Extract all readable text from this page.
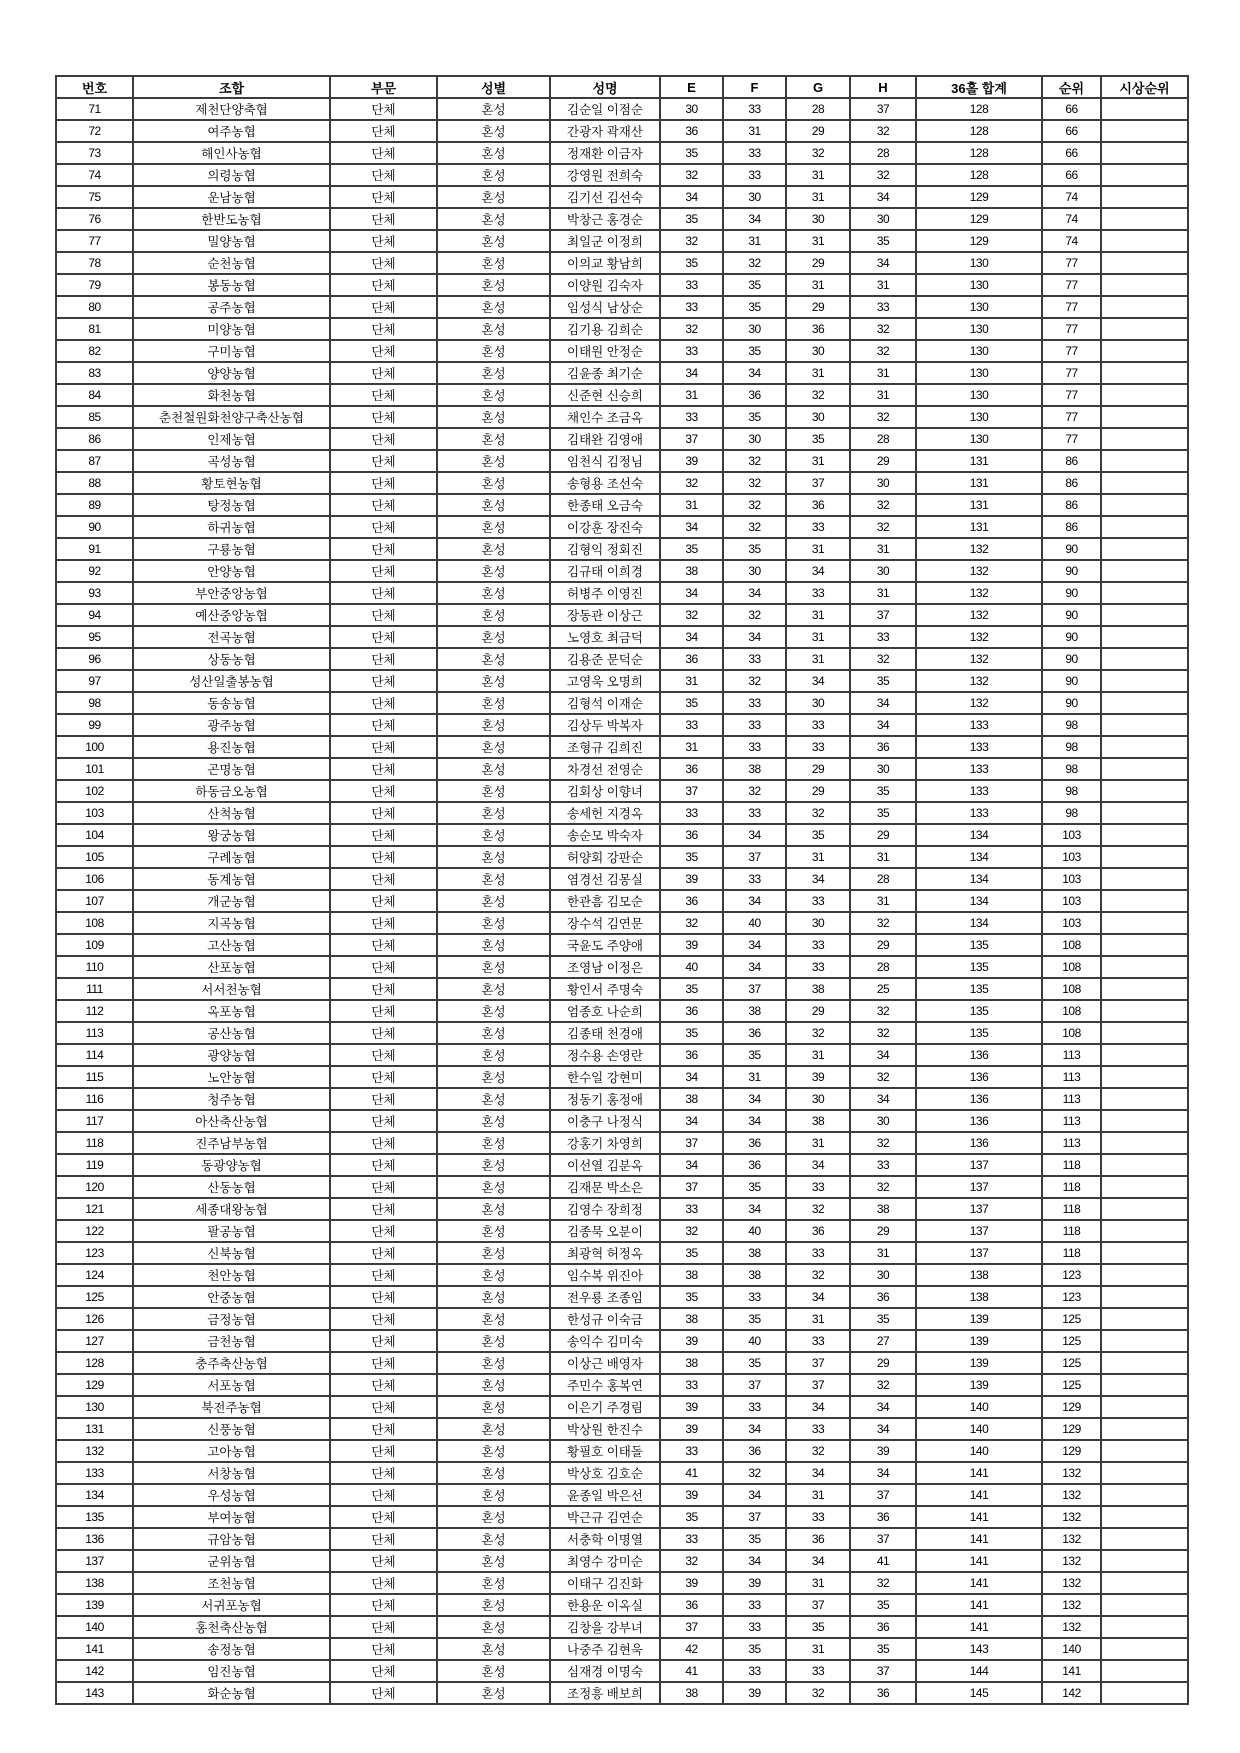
번호	조합	부문	성별	성명	E	F	G	H	36홀 합계	순위	시상순위
71	제천단양축협	단체	혼성	김순일 이점순	30	33	28	37	128	66	
72	여주농협	단체	혼성	간광자 곽재산	36	31	29	32	128	66	
73	해인사농협	단체	혼성	정재환 이금자	35	33	32	28	128	66	
74	의령농협	단체	혼성	강영원 전희숙	32	33	31	32	128	66	
75	운남농협	단체	혼성	김기선 김선숙	34	30	31	34	129	74	
76	한반도농협	단체	혼성	박창근 홍경순	35	34	30	30	129	74	
77	밀양농협	단체	혼성	최일군 이정희	32	31	31	35	129	74	
78	순천농협	단체	혼성	이의교 황남희	35	32	29	34	130	77	
79	봉동농협	단체	혼성	이양원 김숙자	33	35	31	31	130	77	
80	공주농협	단체	혼성	임성식 남상순	33	35	29	33	130	77	
81	미양농협	단체	혼성	김기용 김희순	32	30	36	32	130	77	
82	구미농협	단체	혼성	이태원 안정순	33	35	30	32	130	77	
83	양양농협	단체	혼성	김윤종 최기순	34	34	31	31	130	77	
84	화천농협	단체	혼성	신준현 신승희	31	36	32	31	130	77	
85	춘천철원화천양구축산농협	단체	혼성	채인수 조금옥	33	35	30	32	130	77	
86	인제농협	단체	혼성	김태완 김영애	37	30	35	28	130	77	
87	곡성농협	단체	혼성	임천식 김정님	39	32	31	29	131	86	
88	황토현농협	단체	혼성	송형용 조선숙	32	32	37	30	131	86	
89	탕정농협	단체	혼성	한종태 오금숙	31	32	36	32	131	86	
90	하귀농협	단체	혼성	이강훈 장진숙	34	32	33	32	131	86	
91	구룡농협	단체	혼성	김형익 정회진	35	35	31	31	132	90	
92	안양농협	단체	혼성	김규태 이희경	38	30	34	30	132	90	
93	부안중앙농협	단체	혼성	허병주 이영진	34	34	33	31	132	90	
94	예산중앙농협	단체	혼성	장동관 이상근	32	32	31	37	132	90	
95	전곡농협	단체	혼성	노영호 최금덕	34	34	31	33	132	90	
96	상동농협	단체	혼성	김용준 문덕순	36	33	31	32	132	90	
97	성산일출봉농협	단체	혼성	고영욱 오명희	31	32	34	35	132	90	
98	동송농협	단체	혼성	김형석 이재순	35	33	30	34	132	90	
99	광주농협	단체	혼성	김상두 박복자	33	33	33	34	133	98	
100	용진농협	단체	혼성	조형규 김희진	31	33	33	36	133	98	
101	곤명농협	단체	혼성	차경선 전영순	36	38	29	30	133	98	
102	하동금오농협	단체	혼성	김회상 이향녀	37	32	29	35	133	98	
103	산척농협	단체	혼성	송세헌 지경옥	33	33	32	35	133	98	
104	왕궁농협	단체	혼성	송순모 박숙자	36	34	35	29	134	103	
105	구례농협	단체	혼성	허양회 강판순	35	37	31	31	134	103	
106	동계농협	단체	혼성	염경선 김몽실	39	33	34	28	134	103	
107	개군농협	단체	혼성	한관흠 김모순	36	34	33	31	134	103	
108	지곡농협	단체	혼성	장수석 김연문	32	40	30	32	134	103	
109	고산농협	단체	혼성	국윤도 주양애	39	34	33	29	135	108	
110	산포농협	단체	혼성	조영남 이정은	40	34	33	28	135	108	
111	서서천농협	단체	혼성	황인서 주명숙	35	37	38	25	135	108	
112	옥포농협	단체	혼성	엄종호 나순희	36	38	29	32	135	108	
113	공산농협	단체	혼성	김종태 천경애	35	36	32	32	135	108	
114	광양농협	단체	혼성	정수용 손영란	36	35	31	34	136	113	
115	노안농협	단체	혼성	한수일 강현미	34	31	39	32	136	113	
116	청주농협	단체	혼성	정동기 홍정애	38	34	30	34	136	113	
117	아산축산농협	단체	혼성	이충구 나정식	34	34	38	30	136	113	
118	진주남부농협	단체	혼성	강홍기 차영희	37	36	31	32	136	113	
119	동광양농협	단체	혼성	이선열 김분옥	34	36	34	33	137	118	
120	산동농협	단체	혼성	김재문 박소은	37	35	33	32	137	118	
121	세종대왕농협	단체	혼성	김영수 장희정	33	34	32	38	137	118	
122	팔공농협	단체	혼성	김종묵 오분이	32	40	36	29	137	118	
123	신북농협	단체	혼성	최광혁 허정옥	35	38	33	31	137	118	
124	천안농협	단체	혼성	임수복 위진아	38	38	32	30	138	123	
125	안중농협	단체	혼성	전우룡 조종임	35	33	34	36	138	123	
126	금정농협	단체	혼성	한성규 이숙금	38	35	31	35	139	125	
127	금천농협	단체	혼성	송익수 김미숙	39	40	33	27	139	125	
128	충주축산농협	단체	혼성	이상근 배영자	38	35	37	29	139	125	
129	서포농협	단체	혼성	주민수 홍복연	33	37	37	32	139	125	
130	북전주농협	단체	혼성	이은기 주경림	39	33	34	34	140	129	
131	신풍농협	단체	혼성	박상원 한진수	39	34	33	34	140	129	
132	고아농협	단체	혼성	황필호 이태돌	33	36	32	39	140	129	
133	서창농협	단체	혼성	박상호 김호순	41	32	34	34	141	132	
134	우성농협	단체	혼성	윤종일 박은선	39	34	31	37	141	132	
135	부여농협	단체	혼성	박근규 김연순	35	37	33	36	141	132	
136	규암농협	단체	혼성	서충학 이명열	33	35	36	37	141	132	
137	군위농협	단체	혼성	최영수 강미순	32	34	34	41	141	132	
138	조천농협	단체	혼성	이태구 김진화	39	39	31	32	141	132	
139	서귀포농협	단체	혼성	한용운 이옥실	36	33	37	35	141	132	
140	홍천축산농협	단체	혼성	김창을 강부녀	37	33	35	36	141	132	
141	송정농협	단체	혼성	나중주 김현욱	42	35	31	35	143	140	
142	임진농협	단체	혼성	심재경 이명숙	41	33	33	37	144	141	
143	화순농협	단체	혼성	조정흥 배보희	38	39	32	36	145	142	
